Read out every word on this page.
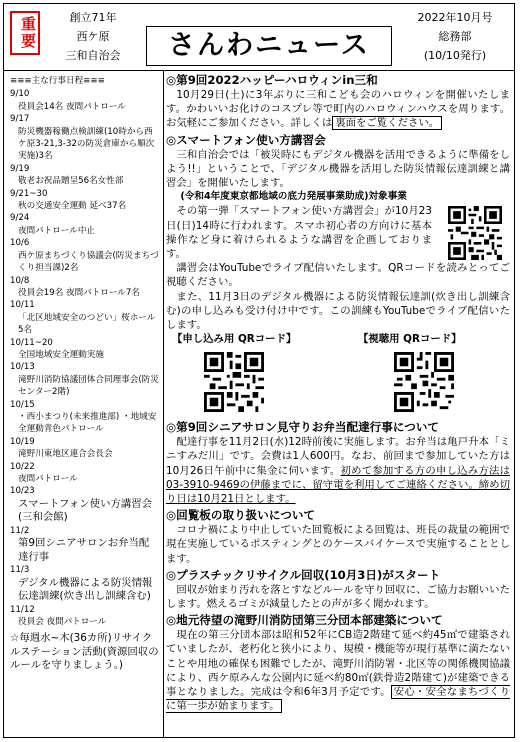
重要	創立71年
西ケ原
三和自治会	さんわニュース
2022年10月号
総務部
(10/10発行)
≡≡≡主な行事日程≡≡≡
9/10
役員会14名 夜間パトロール
9/17
防災機器稼働点検訓練(10時から西ケ原3-21,3-32の防災倉庫から順次実施)3名
9/19
敬老お祝品贈呈56名女性部
9/21~30
秋の交通安全運動 延べ37名
9/24
夜間パトロール中止
10/6
西ケ原まちづくり協議会(防災まちづくり担当課)2名
10/8
役員会19名 夜間パトロール7名
10/11
「北区地域安全のつどい」桜ホール 5名
10/11~20
全国地域安全運動実施
10/13
滝野川消防協議団体合同理事会(防災センター2階)
10/15
・西小まつり(未来推進部) ・地域安全運動青色パトロール
10/19
滝野川東地区連合会長会
10/22
夜間パトロール
10/23
スマートフォン使い方講習会(三和会館)
11/2
第9回シニアサロンお弁当配達行事
11/3
デジタル機器による防災情報伝達訓練(炊き出し訓練含む)
11/12
役員会 夜間パトロール
☆毎週水~木(36カ所)リサイクルステーション活動(資源回収のルールを守りましょう。)
◎第9回2022ハッピーハロウィンin三和
10月29日(土)に3年ぶりに三和こども会のハロウィンを開催いたします。かわいいお化けのコスプレ等で町内のハロウィンハウスを周ります。お気軽にご参加ください。詳しくは 裏面をご覧ください。
◎スマートフォン使い方講習会
三和自治会では「被災時にもデジタル機器を活用できるように準備をしよう!!」ということで、「デジタル機器を活用した防災情報伝達訓練と講習会」を開催いたします。
(令和4年度東京都地域の底力発展事業助成)対象事業
その第一弾「スマートフォン使い方講習会」が10月23日(日)14時に行われます。スマホ初心者の方向けに基本操作など身に着けられるような講習を企画しております。
講習会はYouTubeでライブ配信いたします。QRコードを読みとってご視聴ください。
また、11月3日のデジタル機器による防災情報伝達訓(炊き出し訓練含む)の申し込みも受け付け中です。この訓練もYouTubeでライブ配信いたします。
【申し込み用 QRコード】	【視聴用 QRコード】
◎第9回シニアサロン見守りお弁当配達行事について
配達行事を11月2日(水)12時前後に実施します。お弁当は亀戸升本「ミニすみだ川」です。会費は1人600円。なお、前回まで参加していた方は10月26日午前中に集金に伺います。初めて参加する方の申し込み方法は03-3910-9469の伊藤までに、留守電を利用してご連絡ください。締め切り日は10月21日とします。
◎回覧板の取り扱いについて
コロナ禍により中止していた回覧板による回覧は、班長の裁量の範囲で現在実施しているポスティングとのケースバイケースで実施することとします。
◎プラスチックリサイクル回収(10月3日)がスタート
回収が始まり汚れを落とすなどルールを守り回収に、ご協力お願いいたします。燃えるゴミが減量したとの声が多く聞かれます。
◎地元待望の滝野川消防団第三分団本部建築について
現在の第三分団本部は昭和52年にCB造2階建て延べ約45㎡で建築されていましたが、老朽化と狭小により、規模・機能等が現行基準に満たないことや用地の確保も困難でしたが、滝野川消防署・北区等の関係機関協議により、西ケ原みんな公園内に延べ約80㎡(鉄骨造2階建て)が建築できる事となりました。完成は令和6年3月予定です。 安心・安全なまちづくりに第一歩が始まります。
